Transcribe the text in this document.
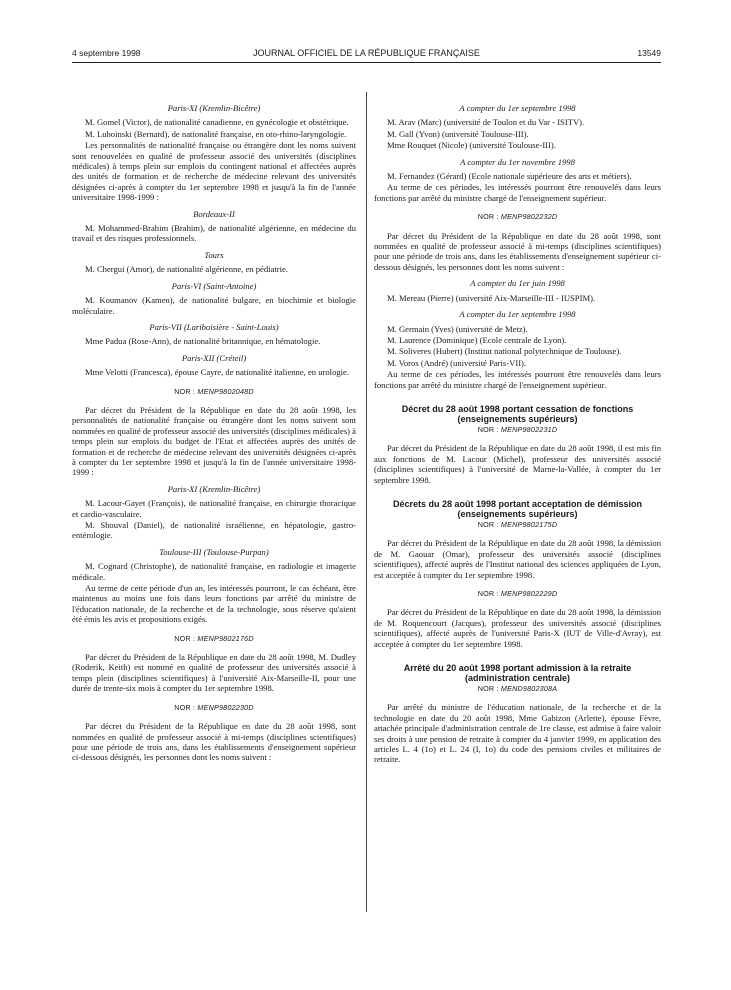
4 septembre 1998	JOURNAL OFFICIEL DE LA RÉPUBLIQUE FRANÇAISE	13549
Paris-XI (Kremlin-Bicêtre)
M. Gomel (Victor), de nationalité canadienne, en gynécologie et obstétrique.
M. Luboinski (Bernard), de nationalité française, en oto-rhino-laryngologie.
Les personnalités de nationalité française ou étrangère dont les noms suivent sont renouvelées en qualité de professeur associé des universités (disciplines médicales) à temps plein sur emplois du contingent national et affectées auprès des unités de formation et de recherche de médecine relevant des universités désignées ci-après à compter du 1er septembre 1998 et jusqu'à la fin de l'année universitaire 1998-1999 :
Bordeaux-II
M. Mohammed-Brahim (Brahim), de nationalité algérienne, en médecine du travail et des risques professionnels.
Tours
M. Chergui (Amor), de nationalité algérienne, en pédiatrie.
Paris-VI (Saint-Antoine)
M. Koumanov (Kamen), de nationalité bulgare, en biochimie et biologie moléculaire.
Paris-VII (Lariboisière - Saint-Louis)
Mme Padua (Rose-Ann), de nationalité britannique, en hématologie.
Paris-XII (Créteil)
Mme Velotti (Francesca), épouse Cayre, de nationalité italienne, en urologie.
NOR : MENP9802048D
Par décret du Président de la République en date du 28 août 1998, les personnalités de nationalité française ou étrangère dont les noms suivent sont nommées en qualité de professeur associé des universités (disciplines médicales) à temps plein sur emplois du budget de l'Etat et affectées auprès des unités de formation et de recherche de médecine relevant des universités désignées ci-après à compter du 1er septembre 1998 et jusqu'à la fin de l'année universitaire 1998-1999 :
Paris-XI (Kremlin-Bicêtre)
M. Lacour-Gayet (François), de nationalité française, en chirurgie thoracique et cardio-vasculaire.
M. Shouval (Daniel), de nationalité israélienne, en hépatologie, gastro-entérologie.
Toulouse-III (Toulouse-Purpan)
M. Cognard (Christophe), de nationalité française, en radiologie et imagerie médicale.
Au terme de cette période d'un an, les intéressés pourront, le cas échéant, être maintenus au moins une fois dans leurs fonctions par arrêté du ministre de l'éducation nationale, de la recherche et de la technologie, sous réserve qu'aient été émis les avis et propositions exigés.
NOR : MENP9802176D
Par décret du Président de la République en date du 28 août 1998, M. Dudley (Roderik, Keith) est nommé en qualité de professeur des universités associé à temps plein (disciplines scientifiques) à l'université Aix-Marseille-II, pour une durée de trente-six mois à compter du 1er septembre 1998.
NOR : MENP9802230D
Par décret du Président de la République en date du 28 août 1998, sont nommées en qualité de professeur associé à mi-temps (disciplines scientifiques) pour une période de trois ans, dans les établissements d'enseignement supérieur ci-dessous désignés, les personnes dont les noms suivent :
A compter du 1er septembre 1998
M. Arav (Marc) (université de Toulon et du Var - ISITV).
M. Gall (Yvon) (université Toulouse-III).
Mme Rouquet (Nicole) (université Toulouse-III).
A compter du 1er novembre 1998
M. Fernandez (Gérard) (Ecole nationale supérieure des arts et métiers).
Au terme de ces périodes, les intéressés pourront être renouvelés dans leurs fonctions par arrêté du ministre chargé de l'enseignement supérieur.
NOR : MENP9802232D
Par décret du Président de la République en date du 28 août 1998, sont nommées en qualité de professeur associé à mi-temps (disciplines scientifiques) pour une période de trois ans, dans les établissements d'enseignement supérieur ci-dessous désignés, les personnes dont les noms suivent :
A compter du 1er juin 1998
M. Mereau (Pierre) (université Aix-Marseille-III - IUSPIM).
A compter du 1er septembre 1998
M. Germain (Yves) (université de Metz).
M. Laurence (Dominique) (Ecole centrale de Lyon).
M. Soliveres (Hubert) (Institut national polytechnique de Toulouse).
M. Voros (André) (université Paris-VII).
Au terme de ces périodes, les intéressés pourront être renouvelés dans leurs fonctions par arrêté du ministre chargé de l'enseignement supérieur.
Décret du 28 août 1998 portant cessation de fonctions (enseignements supérieurs)
NOR : MENP9802231D
Par décret du Président de la République en date du 28 août 1998, il est mis fin aux fonctions de M. Lacour (Michel), professeur des universités associé (disciplines scientifiques) à l'université de Marne-la-Vallée, à compter du 1er septembre 1998.
Décrets du 28 août 1998 portant acceptation de démission (enseignements supérieurs)
NOR : MENP9802175D
Par décret du Président de la République en date du 28 août 1998, la démission de M. Gaouar (Omar), professeur des universités associé (disciplines scientifiques), affecté auprès de l'Institut national des sciences appliquées de Lyon, est acceptée à compter du 1er septembre 1998.
NOR : MENP9802229D
Par décret du Président de la République en date du 28 août 1998, la démission de M. Roquencourt (Jacques), professeur des universités associé (disciplines scientifiques), affecté auprès de l'université Paris-X (IUT de Ville-d'Avray), est acceptée à compter du 1er septembre 1998.
Arrêté du 20 août 1998 portant admission à la retraite (administration centrale)
NOR : MEND9802308A
Par arrêté du ministre de l'éducation nationale, de la recherche et de la technologie en date du 20 août 1998, Mme Gabizon (Arlette), épouse Fèvre, attachée principale d'administration centrale de 1re classe, est admise à faire valoir ses droits à une pension de retraite à compter du 4 janvier 1999, en application des articles L. 4 (1o) et L. 24 (I, 1o) du code des pensions civiles et militaires de retraite.
